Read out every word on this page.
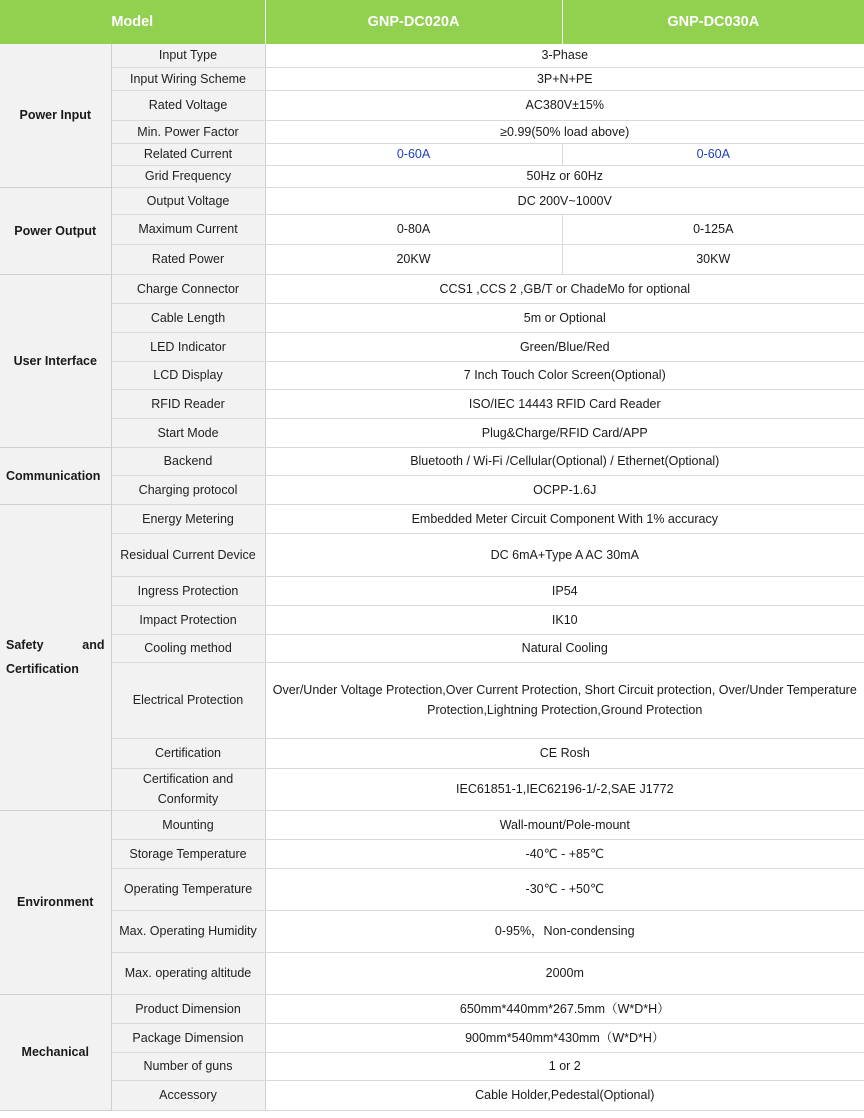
Model		GNP-DC020A	GNP-DC030A
Power Input	Input Type	3-Phase	
	Input Wiring Scheme	3P+N+PE	
	Rated Voltage	AC380V±15%	
	Min. Power Factor	≥0.99(50% load above)	
	Related Current	0-60A	0-60A
	Grid Frequency	50Hz or 60Hz	
Power Output	Output Voltage	DC 200V~1000V	
	Maximum Current	0-80A	0-125A
	Rated Power	20KW	30KW
User Interface	Charge Connector	CCS1 ,CCS 2 ,GB/T or ChadeMo for optional	
	Cable Length	5m or Optional	
	LED Indicator	Green/Blue/Red	
	LCD Display	7 Inch Touch Color Screen(Optional)	
	RFID Reader	ISO/IEC 14443 RFID Card Reader	
	Start Mode	Plug&Charge/RFID Card/APP	
Communication	Backend	Bluetooth / Wi-Fi /Cellular(Optional) / Ethernet(Optional)	
	Charging protocol	OCPP-1.6J	

Safety and
Certification	Energy Metering	Embedded Meter Circuit Component With 1% accuracy	
	Residual Current Device	DC 6mA+Type A AC 30mA	
	Ingress Protection	IP54	
	Impact Protection	IK10	
	Cooling method	Natural Cooling	
	Electrical Protection	Over/Under Voltage Protection,Over Current Protection, Short Circuit protection, Over/Under Temperature Protection,Lightning Protection,Ground Protection	
	Certification	CE Rosh	
	Certification and Conformity	IEC61851-1,IEC62196-1/-2,SAE J1772	
Environment	Mounting	Wall-mount/Pole-mount	
	Storage Temperature	-40℃ - +85℃	
	Operating Temperature	-30℃ - +50℃	
	Max. Operating Humidity	0-95%，Non-condensing	
	Max. operating altitude	2000m	
Mechanical	Product Dimension	650mm*440mm*267.5mm（W*D*H）	
	Package Dimension	900mm*540mm*430mm（W*D*H）	
	Number of guns	1 or 2	
	Accessory	Cable Holder,Pedestal(Optional)	
